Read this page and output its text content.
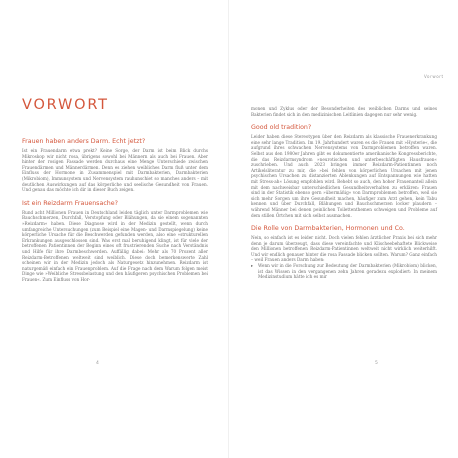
Vorwort
VORWORT
Frauen haben anders Darm. Echt jetzt?

Ist ein Frauendarm etwa prekt? Keine Sorge, der Darm ist beim Blick durchs Mikroskop wir nicht rosa, übrigens sowohl bei Männern als auch bei Frauen. Aber hinter der rosigen Fassade werden durchaus eine Menge Unterschiede zwischen Frauendärmen und Männerdärmen. Denn es ziehen weibliches Darm fluß unter dem Einfluss der Hormone in Zusammenspiel mit Darmbakterien, Darmbakterien (Mikrobiom), Immunsystem und Nervensystem rauhunschiet so manches anders – mit deutlichen Auswirkungen auf das körperliche und seelische Gesundheit von Frauen. Und genau das möchte ich dir in dieser Buch zeigen.

Ist ein Reizdarm Frauensache?

Rund acht Millionen Frauen in Deutschland leiden täglich unter Darmproblemen wie Bauchschmerzen, Durchfall, Verstopfung oder Blähungen, da sie einem sogenannten »Reizdarm« haben. Diese Diagnose wird in der Medizin gestellt, wenn durch umfangreiche Untersuchungen (zum Beispiel eine Magen- und Darmspiegelung) keine körperliche Ursache für die Beschwerden gefunden werden, also eine »strukturellen Erkrankungen ausgeschlossen sind. Was erst mal beruhigend klingt, ist für viele der betroffenen Patientinnen der Beginn eines oft frustrierenden Suche nach Verständnis und Hilfe für ihre Darmbeschwerden. Auffällig dabei: Mehr als 70 Prozent aller Reizdarm-Betroffenen weltweit sind weiblich. Diese doch bemerkenswerte Zahl scheinen wir in der Medizin jedoch als Naturgesetz hinzunehmen. Reizdarm ist naturgemäß einfach ein Frauenproblem. Auf die Frage nach dem Warum folgen meist Dinge wie »Weibliche Stressbelastung und den häufigeren psychischen Problemen bei Frauen«. Zum Einfluss von Hor-

monen und Zyklus oder der Besonderheiten des weiblichen Darms und seines Bakterien findet sich in den medizinischen Leitlinien dagegen nur sehr wenig.

Good old tradition?

Leider haben diese Stereotypen über den Reizdarm als klassische Frauenerkrankung eine sehr lange Tradition. Im 19. Jahrhundert waren es die Frauen mit »Hysterie«, die aufgrund ihres schwachen Nervensystems von Darmproblemen betroffen waren. Selbst aus den 1980er Jahren gibt es dokumentierte amerikanische Kongressberichte, die das Reizdarmsyndrom »neurotischen und unterbeschäftigten Hausfrauen« zuschrieben. Und auch 2023 bringen immer Reizdarm-Patientinnen noch Artikelsliteratur zu mir, die »bei fehlen von körperlichen Ursachen mit jenen psychischen Ursachen zu distanzierten Ablenkungen auf Entspannungen wie hatten mit Stress-ah« Lösung empfohlen wird. Behebt so auch, den hoher Frauenanteil allein mit dem nachweisbar unterschiedlichen Gesundheitsverhalten zu erklären: Frauen sind in der Statistik ebenso gern »übermäßig« von Darmproblemen betroffen, weil sie sich mehr Sorgen um ihre Gesundheit machen, häufiger zum Arzt gehen, kein Tabu kennen und über Durchfall, Blähungen und Bauchschmerzen locker plaudern – während Männer bei denen peinlichen Toilettenthemen schweigen und Probleme auf dem stillen Örtchen mit sich selbst ausmachen.

Die Rolle von Darmbakterien, Hormonen und Co.

Nein, so einfach ist es leider nicht. Doch vielen fehlen ärztlicher Praxis bei sich mehr denn je darum überzeugt, dass diese vereinfachte und Klischeebehaftete Blickweise den Millionen betroffenen Reizdarm-Patientinnen weltweit nicht wirklich weiterhilft. Und wir endlich genauer hinter die rosa Fassade blicken sollten. Warum? Ganz einfach – weil Frauen anders Darm haben:

▸ Wenn wir in die Forschung zur Bedeutung der Darmbakterien (Mikrobiom) blicken, ist das Wissen in den vergangenen zehn Jahren geradezu explodiert: In meinem Medizinstudium hätte ich es mir
4	5
